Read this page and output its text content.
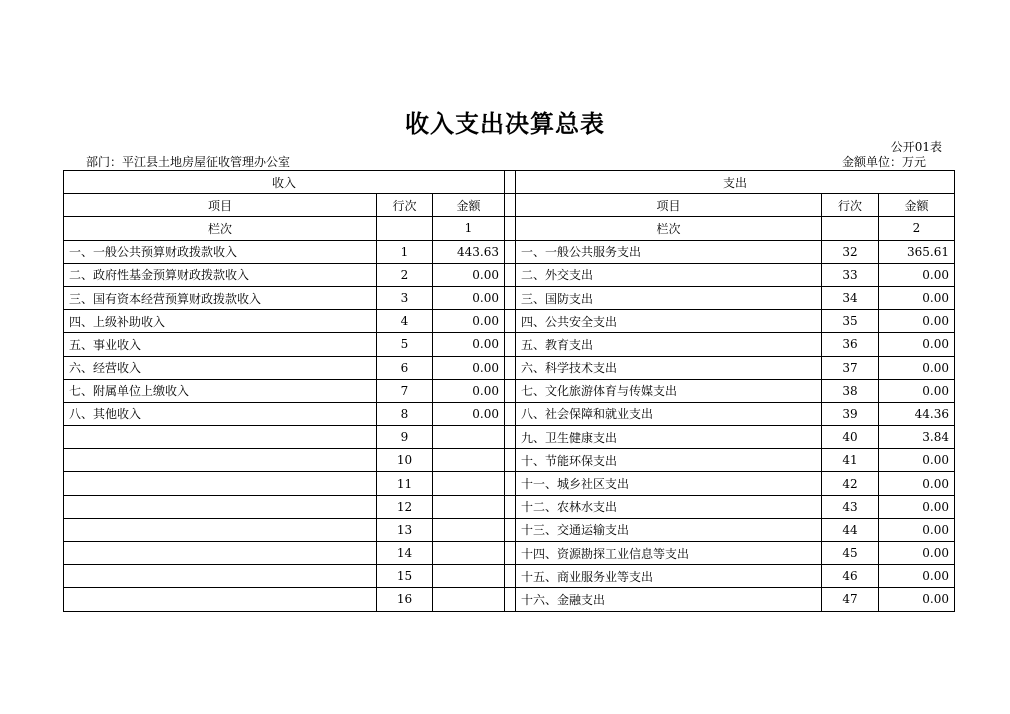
收入支出决算总表
公开01表
部门：平江县土地房屋征收管理办公室	金额单位：万元
收入				支出		
项目	行次	金额		项目	行次	金额
栏次		1		栏次		2
一、一般公共预算财政拨款收入	1	443.63		一、一般公共服务支出	32	365.61
二、政府性基金预算财政拨款收入	2	0.00		二、外交支出	33	0.00
三、国有资本经营预算财政拨款收入	3	0.00		三、国防支出	34	0.00
四、上级补助收入	4	0.00		四、公共安全支出	35	0.00
五、事业收入	5	0.00		五、教育支出	36	0.00
六、经营收入	6	0.00		六、科学技术支出	37	0.00
七、附属单位上缴收入	7	0.00		七、文化旅游体育与传媒支出	38	0.00
八、其他收入	8	0.00		八、社会保障和就业支出	39	44.36
	9			九、卫生健康支出	40	3.84
	10			十、节能环保支出	41	0.00
	11			十一、城乡社区支出	42	0.00
	12			十二、农林水支出	43	0.00
	13			十三、交通运输支出	44	0.00
	14			十四、资源勘探工业信息等支出	45	0.00
	15			十五、商业服务业等支出	46	0.00
	16			十六、金融支出	47	0.00
